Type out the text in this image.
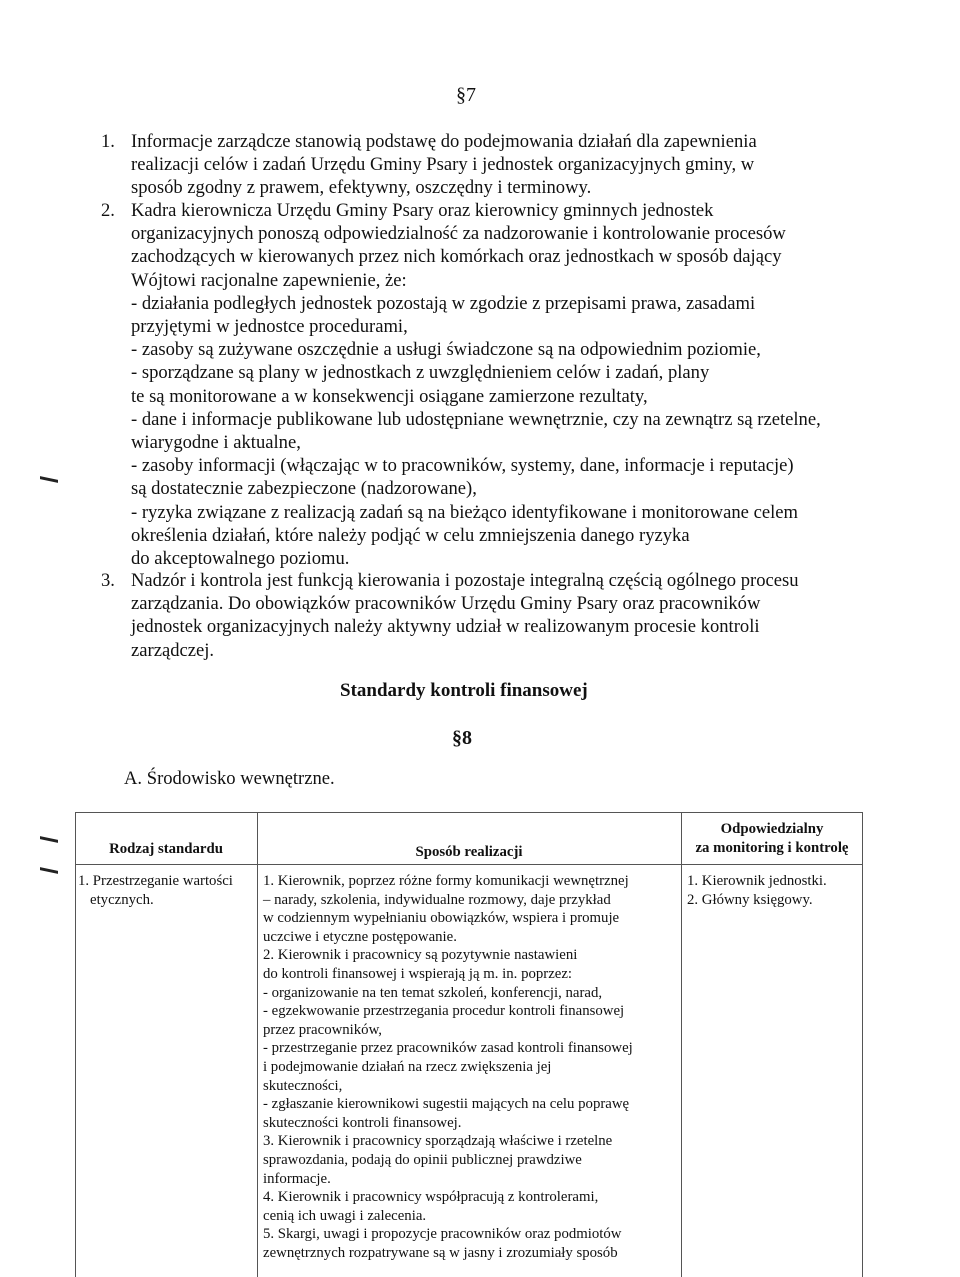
§7
1. Informacje zarządcze stanowią podstawę do podejmowania działań dla zapewnienia
realizacji celów i zadań Urzędu Gminy Psary i jednostek organizacyjnych gminy, w
sposób zgodny z prawem, efektywny, oszczędny i terminowy.
2. Kadra kierownicza Urzędu Gminy Psary oraz kierownicy gminnych jednostek
organizacyjnych ponoszą odpowiedzialność za nadzorowanie i kontrolowanie procesów
zachodzących w kierowanych przez nich komórkach oraz jednostkach w sposób dający
Wójtowi racjonalne zapewnienie, że:
- działania podległych jednostek pozostają w zgodzie z przepisami prawa, zasadami
przyjętymi w jednostce procedurami,
- zasoby są zużywane oszczędnie a usługi świadczone są na odpowiednim poziomie,
- sporządzane są plany w jednostkach z uwzględnieniem celów i zadań, plany
te są monitorowane a w konsekwencji osiągane zamierzone rezultaty,
- dane i informacje publikowane lub udostępniane wewnętrznie, czy na zewnątrz są rzetelne,
wiarygodne i aktualne,
- zasoby informacji (włączając w to pracowników, systemy, dane, informacje i reputacje)
są dostatecznie zabezpieczone (nadzorowane),
- ryzyka związane z realizacją zadań są na bieżąco identyfikowane i monitorowane celem
określenia działań, które należy podjąć w celu zmniejszenia danego ryzyka
do akceptowalnego poziomu.
3. Nadzór i kontrola jest funkcją kierowania i pozostaje integralną częścią ogólnego procesu
zarządzania. Do obowiązków pracowników Urzędu Gminy Psary oraz pracowników
jednostek organizacyjnych należy aktywny udział w realizowanym procesie kontroli
zarządczej.
Standardy kontroli finansowej
§8
A. Środowisko wewnętrzne.
Rodzaj standardu	Sposób realizacji
Odpowiedzialny
za monitoring i kontrolę
1. Przestrzeganie wartości
etycznych.
1. Kierownik, poprzez różne formy komunikacji wewnętrznej
– narady, szkolenia, indywidualne rozmowy, daje przykład
w codziennym wypełnianiu obowiązków, wspiera i promuje
uczciwe i etyczne postępowanie.
2. Kierownik i pracownicy są pozytywnie nastawieni
do kontroli finansowej i wspierają ją m. in. poprzez:
- organizowanie na ten temat szkoleń, konferencji, narad,
- egzekwowanie przestrzegania procedur kontroli finansowej
przez pracowników,
- przestrzeganie przez pracowników zasad kontroli finansowej
i podejmowanie działań na rzecz zwiększenia jej
skuteczności,
- zgłaszanie kierownikowi sugestii mających na celu poprawę
skuteczności kontroli finansowej.
3. Kierownik i pracownicy sporządzają właściwe i rzetelne
sprawozdania, podają do opinii publicznej prawdziwe
informacje.
4. Kierownik i pracownicy współpracują z kontrolerami,
cenią ich uwagi i zalecenia.
5. Skargi, uwagi i propozycje pracowników oraz podmiotów
zewnętrznych rozpatrywane są w jasny i zrozumiały sposób
1. Kierownik jednostki.
2. Główny księgowy.
